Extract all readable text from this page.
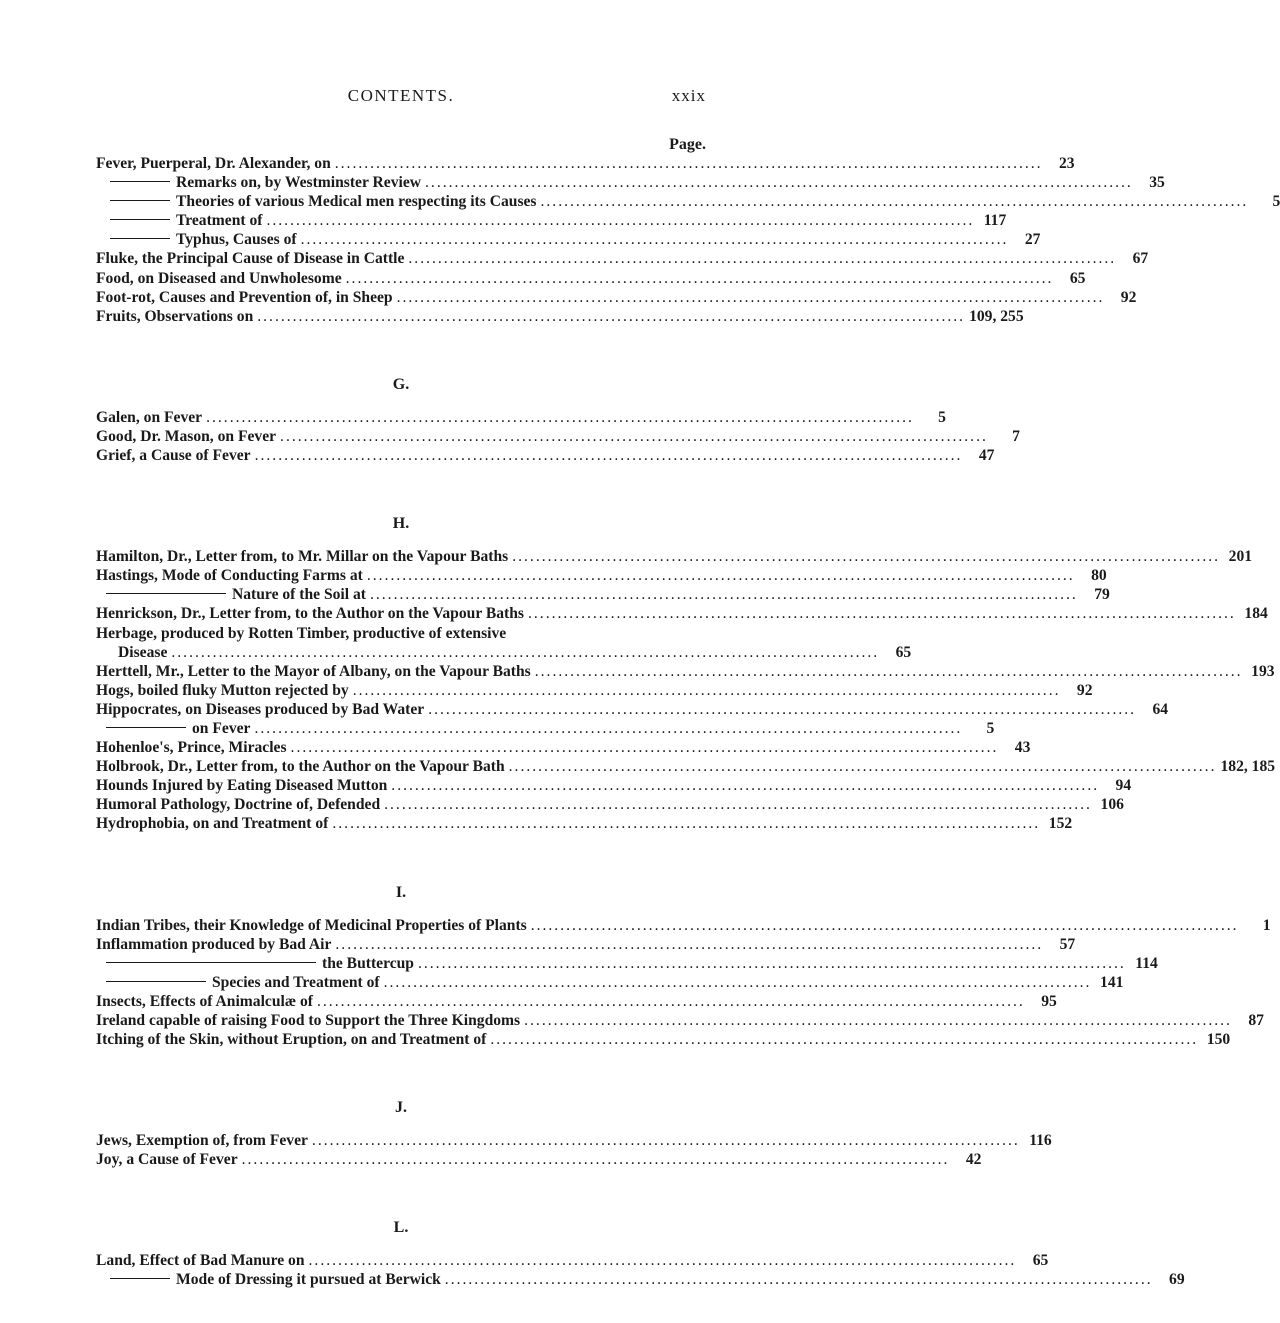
CONTENTS.	xxix
Page.
Fever, Puerperal, Dr. Alexander, on ........................................................................................................................	23
Remarks on, by Westminster Review ........................................................................................................................	35
Theories of various Medical men respecting its Causes ........................................................................................................................	5
Treatment of ........................................................................................................................ 117
Typhus, Causes of ........................................................................................................................	27
Fluke, the Principal Cause of Disease in Cattle ........................................................................................................................	67
Food, on Diseased and Unwholesome ........................................................................................................................	65
Foot-rot, Causes and Prevention of, in Sheep ........................................................................................................................	92
Fruits, Observations on ........................................................................................................................ 109, 255
G.
Galen, on Fever ........................................................................................................................	5
Good, Dr. Mason, on Fever ........................................................................................................................	7
Grief, a Cause of Fever ........................................................................................................................	47
H.
Hamilton, Dr., Letter from, to Mr. Millar on the Vapour Baths ........................................................................................................................ 201
Hastings, Mode of Conducting Farms at ........................................................................................................................	80
Nature of the Soil at ........................................................................................................................	79
Henrickson, Dr., Letter from, to the Author on the Vapour Baths ........................................................................................................................ 184
Herbage, produced by Rotten Timber, productive of extensive
Disease ........................................................................................................................	65
Herttell, Mr., Letter to the Mayor of Albany, on the Vapour Baths ........................................................................................................................ 193
Hogs, boiled fluky Mutton rejected by ........................................................................................................................	92
Hippocrates, on Diseases produced by Bad Water ........................................................................................................................	64
on Fever ........................................................................................................................	5
Hohenloe's, Prince, Miracles ........................................................................................................................	43
Holbrook, Dr., Letter from, to the Author on the Vapour Bath ........................................................................................................................ 182, 185
Hounds Injured by Eating Diseased Mutton ........................................................................................................................	94
Humoral Pathology, Doctrine of, Defended ........................................................................................................................ 106
Hydrophobia, on and Treatment of ........................................................................................................................ 152
I.
Indian Tribes, their Knowledge of Medicinal Properties of Plants ........................................................................................................................	1
Inflammation produced by Bad Air ........................................................................................................................	57
the Buttercup ........................................................................................................................ 114
Species and Treatment of ........................................................................................................................ 141
Insects, Effects of Animalculæ of ........................................................................................................................	95
Ireland capable of raising Food to Support the Three Kingdoms ........................................................................................................................	87
Itching of the Skin, without Eruption, on and Treatment of ........................................................................................................................ 150
J.
Jews, Exemption of, from Fever ........................................................................................................................ 116
Joy, a Cause of Fever ........................................................................................................................	42
L.
Land, Effect of Bad Manure on ........................................................................................................................	65
Mode of Dressing it pursued at Berwick ........................................................................................................................	69
